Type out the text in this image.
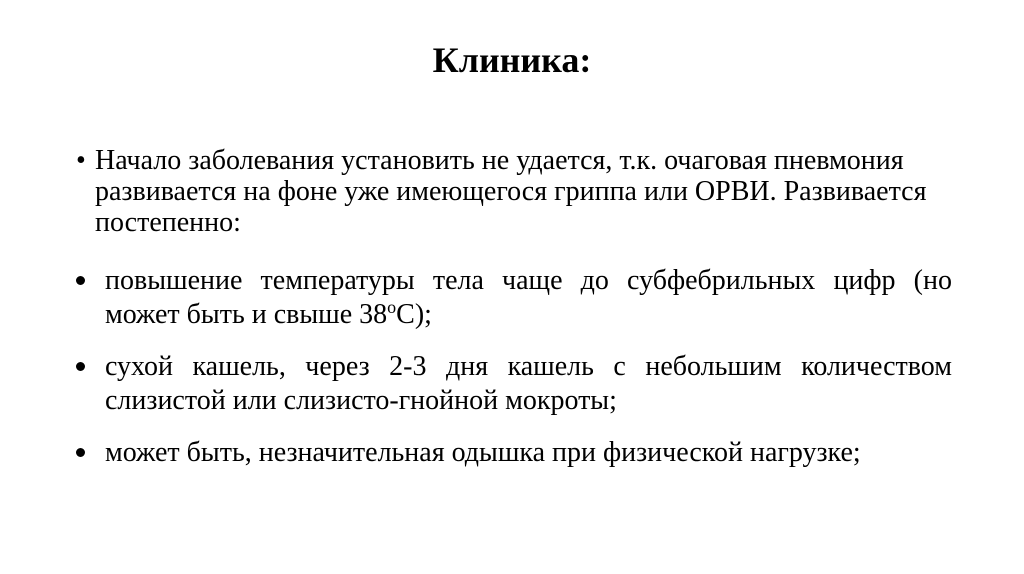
Клиника:
• Начало заболевания установить не удается, т.к. очаговая пневмония развивается на фоне уже имеющегося гриппа или ОРВИ. Развивается постепенно:
повышение температуры тела чаще до субфебрильных цифр (но может быть и свыше $38^оС$);
сухой кашель, через 2-3 дня кашель с небольшим количеством слизистой или слизисто-гнойной мокроты;
может быть, незначительная одышка при физической нагрузке;
